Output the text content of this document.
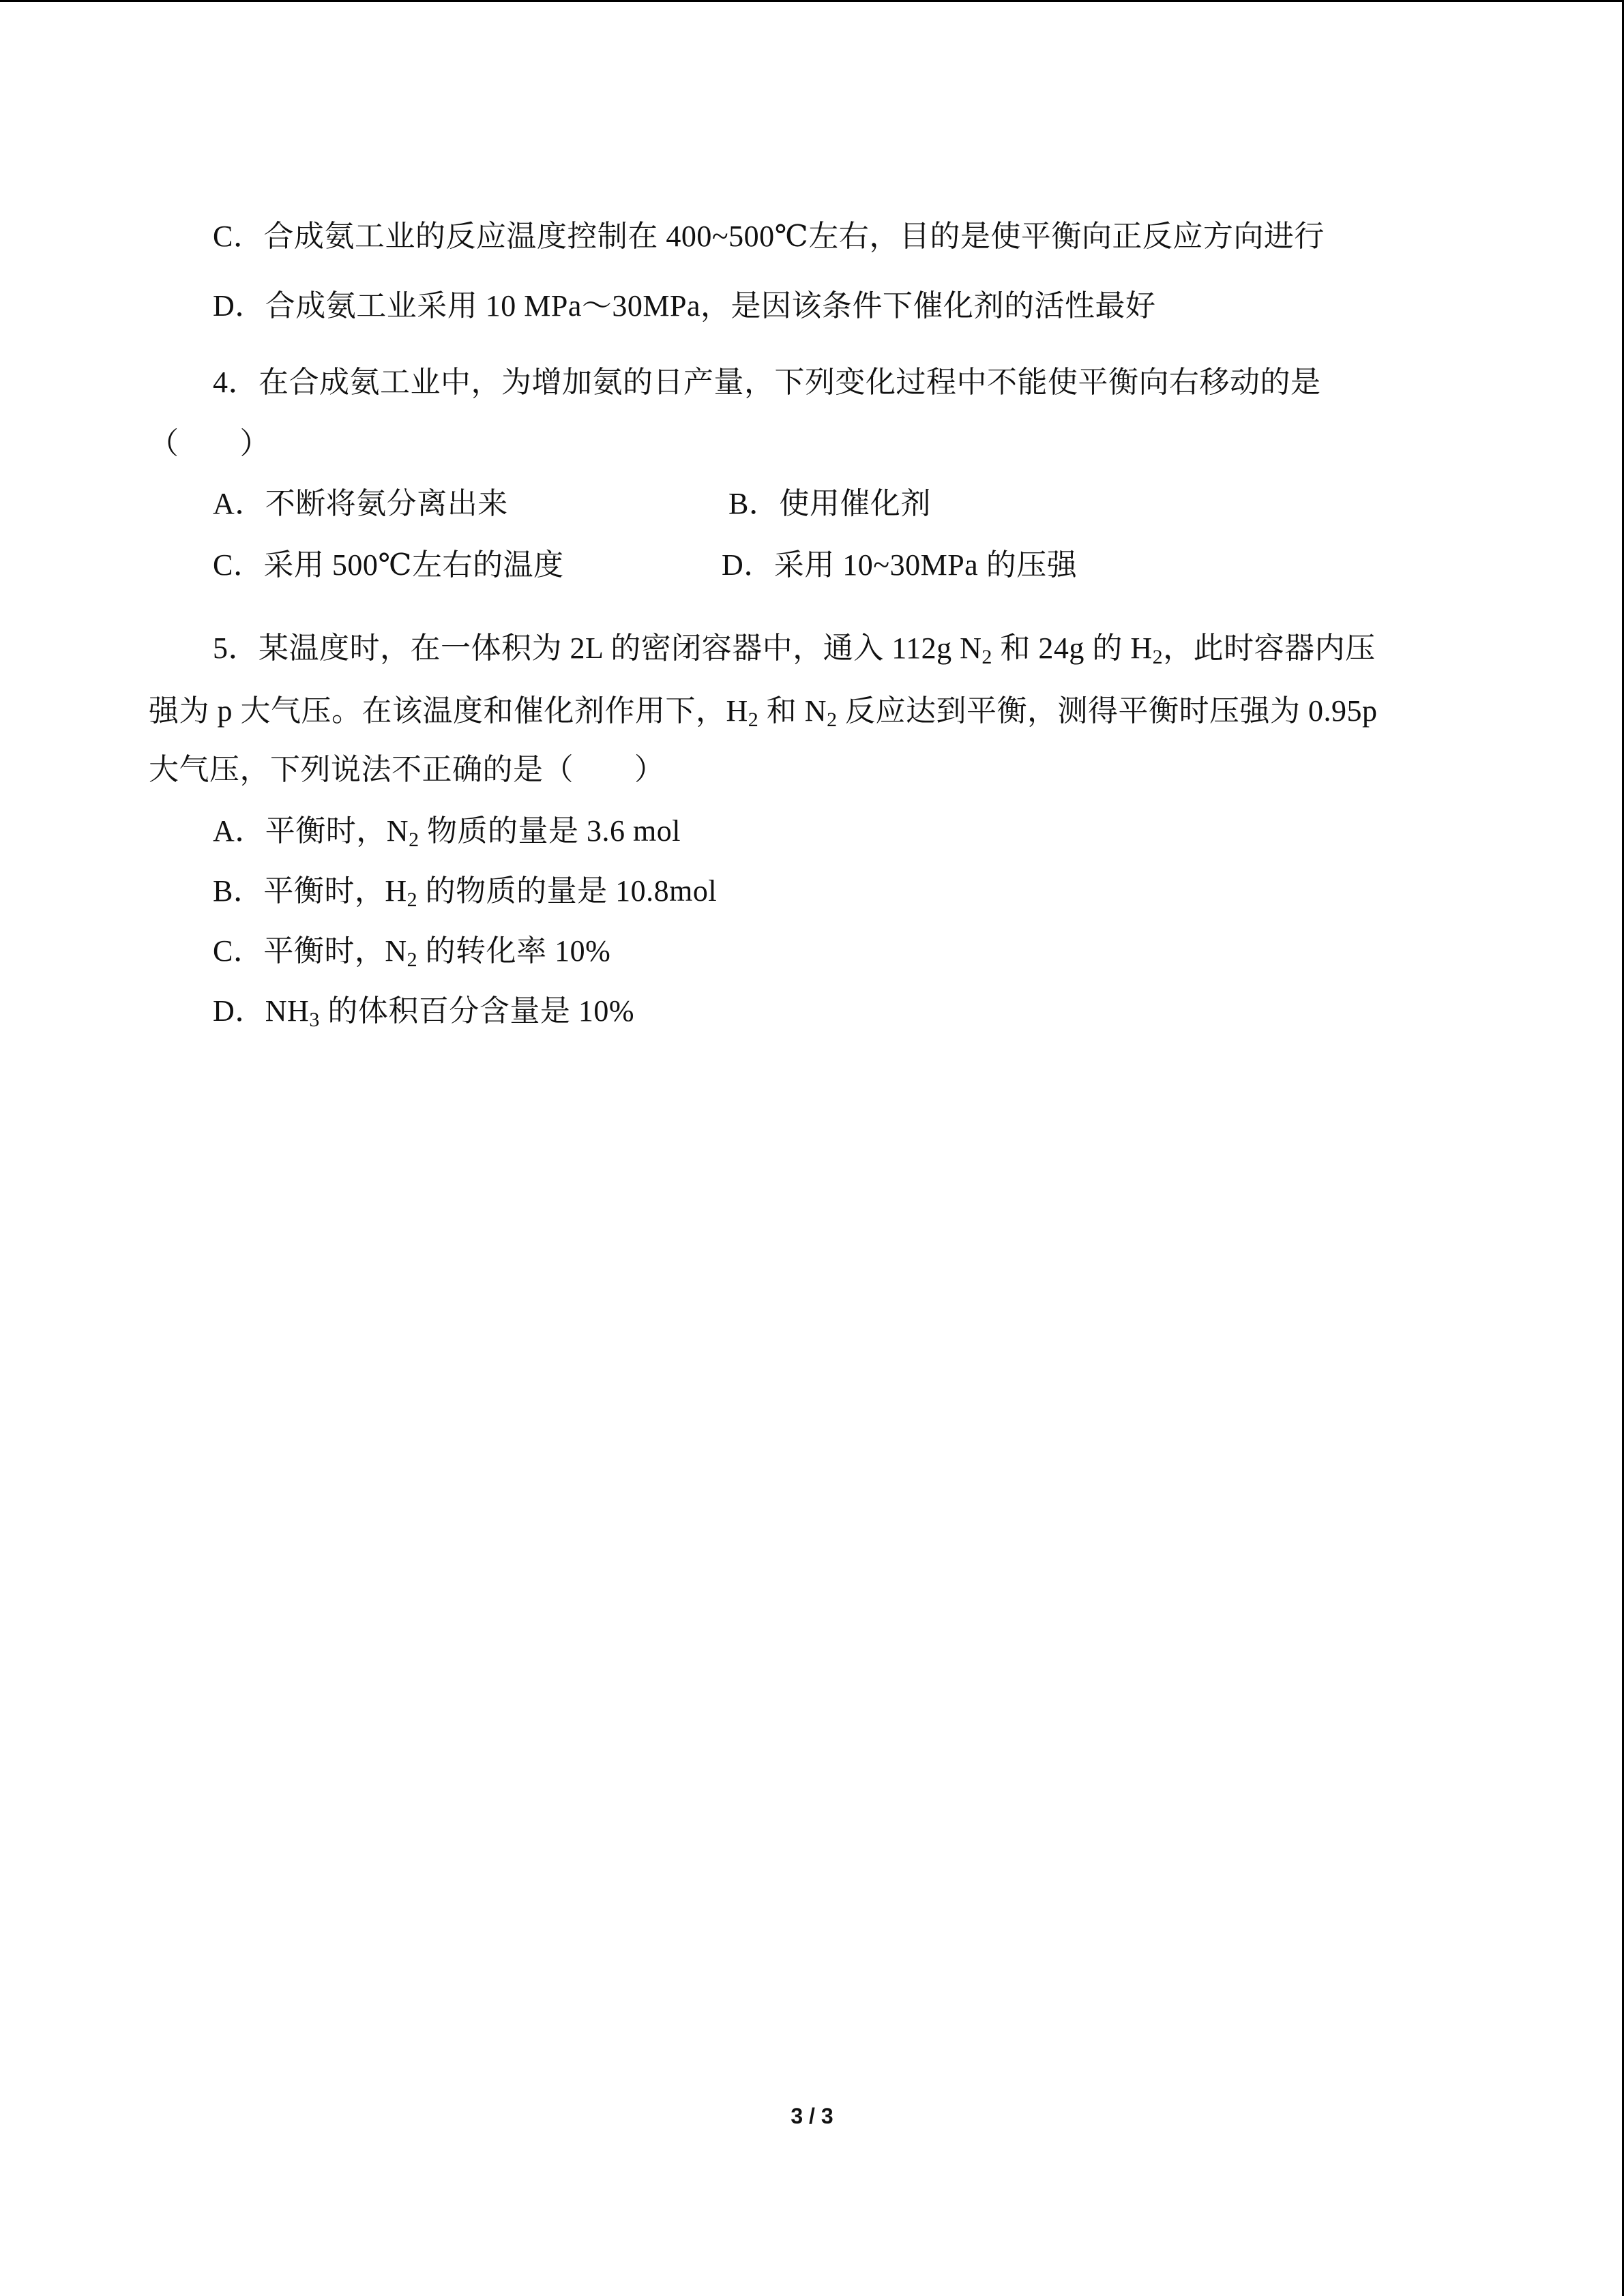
C．合成氨工业的反应温度控制在 400~500℃左右，目的是使平衡向正反应方向进行
D．合成氨工业采用 10 MPa～30MPa，是因该条件下催化剂的活性最好
4．在合成氨工业中，为增加氨的日产量，下列变化过程中不能使平衡向右移动的是
（　　）
A．不断将氨分离出来	B．使用催化剂
C．采用 500℃左右的温度	D．采用 10~30MPa 的压强
5．某温度时，在一体积为 2L 的密闭容器中，通入 112g $N_2$ 和 24g 的 $H_2$，此时容器内压
强为 p 大气压。在该温度和催化剂作用下，$H_2$ 和 $N_2$ 反应达到平衡，测得平衡时压强为 0.95p
大气压，下列说法不正确的是（　　）
A．平衡时，$N_2$ 物质的量是 3.6 mol
B．平衡时，$H_2$ 的物质的量是 10.8mol
C．平衡时，$N_2$ 的转化率 10%
D．$NH_3$ 的体积百分含量是 10%
3 / 3
